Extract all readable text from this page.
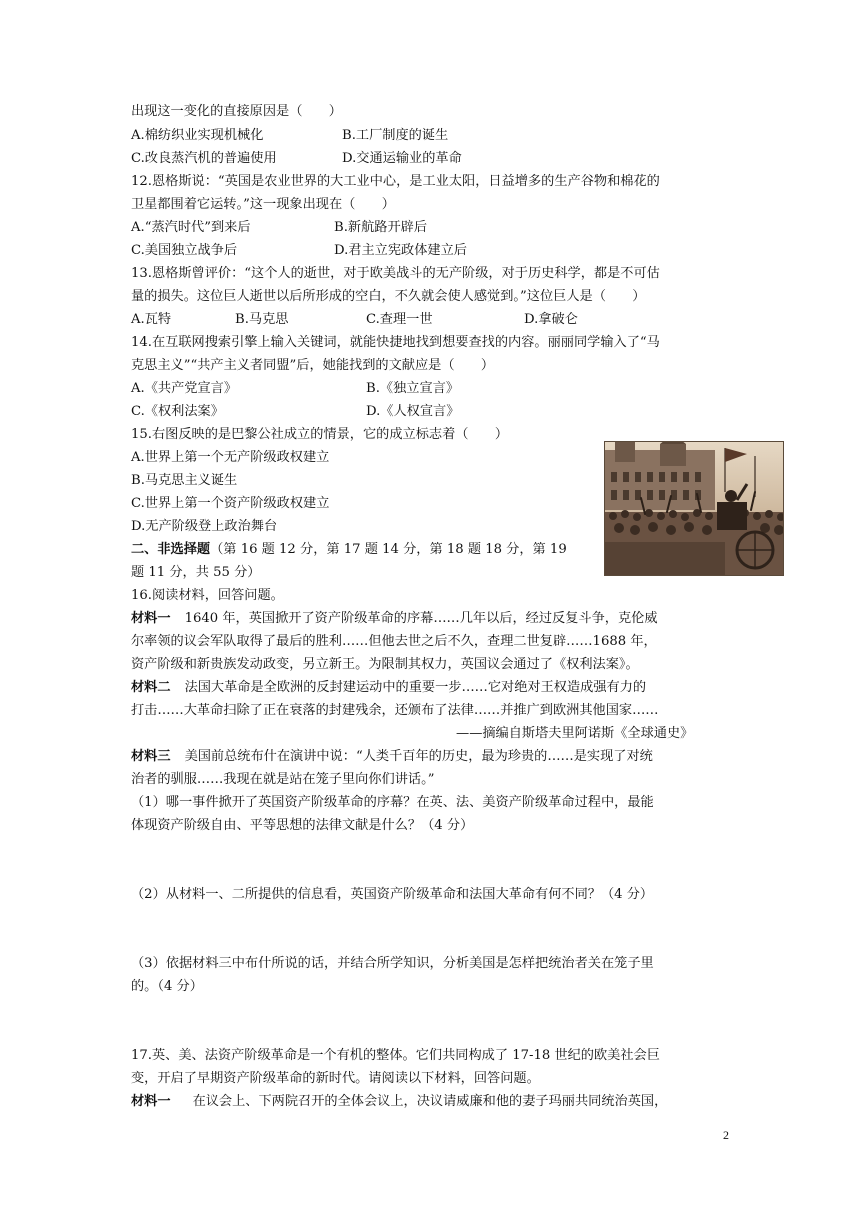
出现这一变化的直接原因是（　　）
A.棉纺织业实现机械化	B.工厂制度的诞生
C.改良蒸汽机的普遍使用	D.交通运输业的革命
12.恩格斯说：“英国是农业世界的大工业中心，是工业太阳，日益增多的生产谷物和棉花的
卫星都围着它运转。”这一现象出现在（　　）
A.“蒸汽时代”到来后	B.新航路开辟后
C.美国独立战争后	D.君主立宪政体建立后
13.恩格斯曾评价：“这个人的逝世，对于欧美战斗的无产阶级，对于历史科学，都是不可估
量的损失。这位巨人逝世以后所形成的空白，不久就会使人感觉到。”这位巨人是（　　）
A.瓦特	B.马克思	C.查理一世	D.拿破仑
14.在互联网搜索引擎上输入关键词，就能快捷地找到想要查找的内容。丽丽同学输入了“马
克思主义”“共产主义者同盟”后，她能找到的文献应是（　　）
A.《共产党宣言》	B.《独立宣言》
C.《权利法案》	D.《人权宣言》
15.右图反映的是巴黎公社成立的情景，它的成立标志着（　　）
A.世界上第一个无产阶级政权建立
B.马克思主义诞生
C.世界上第一个资产阶级政权建立
D.无产阶级登上政治舞台
二、非选择题（第 16 题 12 分，第 17 题 14 分，第 18 题 18 分，第 19
题 11 分，共 55 分）
16.阅读材料，回答问题。
材料一 1640 年，英国掀开了资产阶级革命的序幕……几年以后，经过反复斗争，克伦威
尔率领的议会军队取得了最后的胜利……但他去世之后不久，查理二世复辟……1688 年，
资产阶级和新贵族发动政变，另立新王。为限制其权力，英国议会通过了《权利法案》。
材料二 法国大革命是全欧洲的反封建运动中的重要一步……它对绝对王权造成强有力的
打击……大革命扫除了正在衰落的封建残余，还颁布了法律……并推广到欧洲其他国家……
——摘编自斯塔夫里阿诺斯《全球通史》
材料三 美国前总统布什在演讲中说：“人类千百年的历史，最为珍贵的……是实现了对统
治者的驯服……我现在就是站在笼子里向你们讲话。”
（1）哪一事件掀开了英国资产阶级革命的序幕？在英、法、美资产阶级革命过程中，最能
体现资产阶级自由、平等思想的法律文献是什么？（4 分）
（2）从材料一、二所提供的信息看，英国资产阶级革命和法国大革命有何不同？（4 分）
（3）依据材料三中布什所说的话，并结合所学知识，分析美国是怎样把统治者关在笼子里
的。（4 分）
17.英、美、法资产阶级革命是一个有机的整体。它们共同构成了 17-18 世纪的欧美社会巨
变，开启了早期资产阶级革命的新时代。请阅读以下材料，回答问题。
材料一 在议会上、下两院召开的全体会议上，决议请威廉和他的妻子玛丽共同统治英国，
2
